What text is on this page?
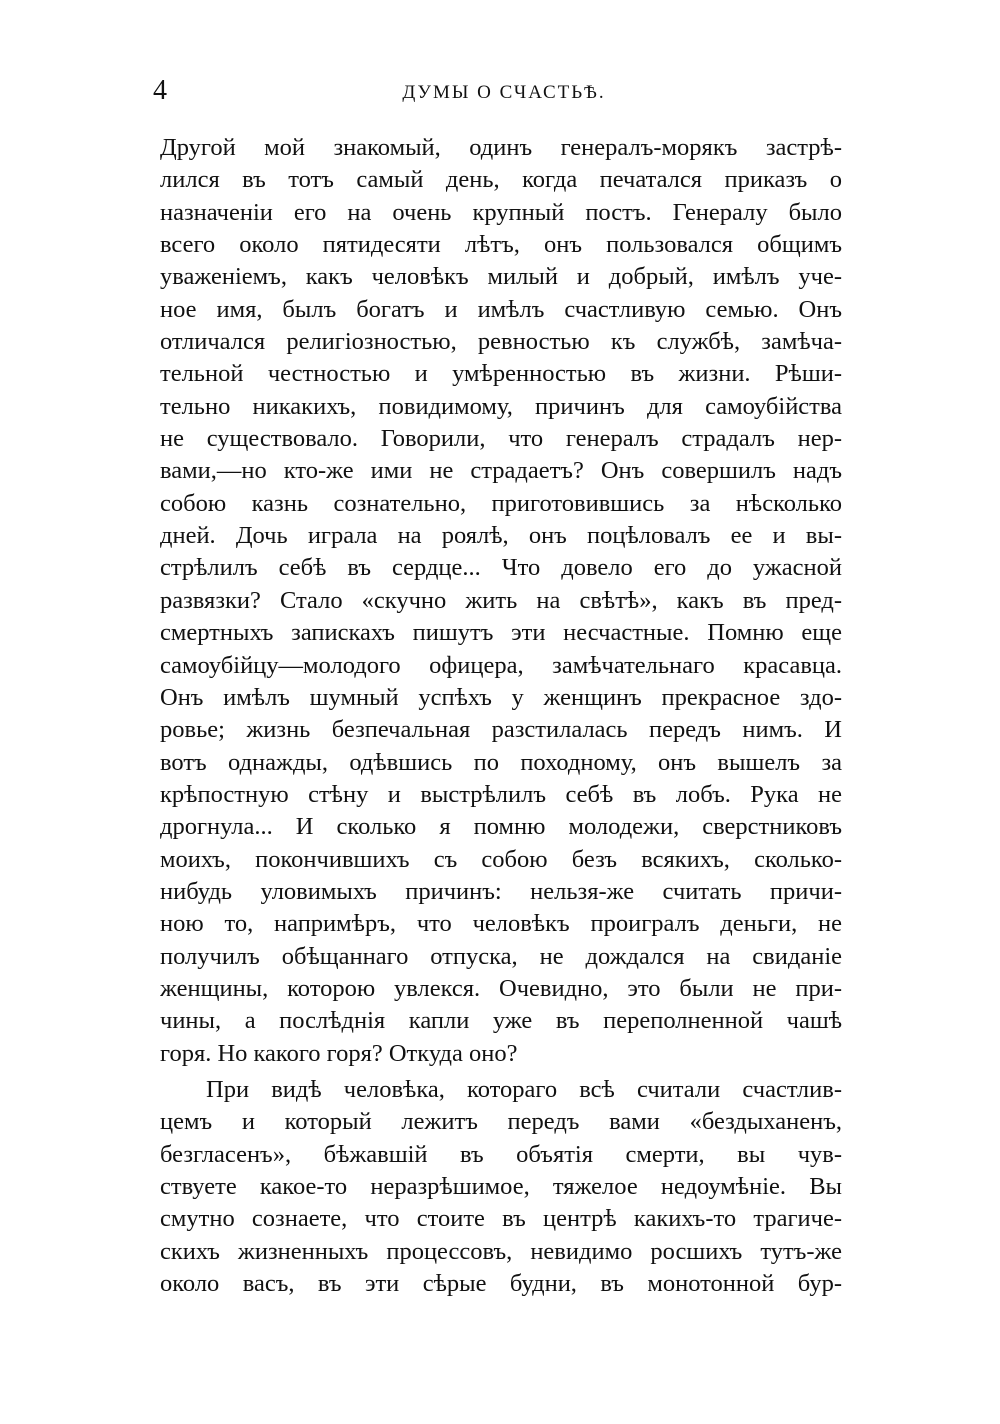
4	ДУМЫ О СЧАСТЬѢ.
Другой мой знакомый, одинъ генералъ-морякъ застрѣ-
лился въ тотъ самый день, когда печатался приказъ о
назначенiи его на очень крупный постъ. Генералу было
всего около пятидесяти лѣтъ, онъ пользовался общимъ
уваженiемъ, какъ человѣкъ милый и добрый, имѣлъ уче-
ное имя, былъ богатъ и имѣлъ счастливую семью. Онъ
отличался религiозностью, ревностью къ службѣ, замѣча-
тельной честностью и умѣренностью въ жизни. Рѣши-
тельно никакихъ, повидимому, причинъ для самоубiйства
не существовало. Говорили, что генералъ страдалъ нер-
вами,—но кто-же ими не страдаетъ? Онъ совершилъ надъ
собою казнь сознательно, приготовившись за нѣсколько
дней. Дочь играла на роялѣ, онъ поцѣловалъ ее и вы-
стрѣлилъ себѣ въ сердце... Что довело его до ужасной
развязки? Стало «скучно жить на свѣтѣ», какъ въ пред-
смертныхъ запискахъ пишутъ эти несчастные. Помню еще
самоубiйцу—молодого офицера, замѣчательнаго красавца.
Онъ имѣлъ шумный успѣхъ у женщинъ прекрасное здо-
ровье; жизнь безпечальная разстилалась передъ нимъ. И
вотъ однажды, одѣвшись по походному, онъ вышелъ за
крѣпостную стѣну и выстрѣлилъ себѣ въ лобъ. Рука не
дрогнула... И сколько я помню молодежи, сверстниковъ
моихъ, покончившихъ съ собою безъ всякихъ, сколько-
нибудь уловимыхъ причинъ: нельзя-же считать причи-
ною то, напримѣръ, что человѣкъ проигралъ деньги, не
получилъ обѣщаннаго отпуска, не дождался на свиданiе
женщины, которою увлекся. Очевидно, это были не при-
чины, а послѣднiя капли уже въ переполненной чашѣ
горя. Но какого горя? Откуда оно?
При видѣ человѣка, котораго всѣ считали счастлив-
цемъ и который лежитъ передъ вами «бездыханенъ,
безгласенъ», бѣжавшiй въ объятiя смерти, вы чув-
ствуете какое-то неразрѣшимое, тяжелое недоумѣнiе. Вы
смутно сознаете, что стоите въ центрѣ какихъ-то трагиче-
скихъ жизненныхъ процессовъ, невидимо росшихъ тутъ-же
около васъ, въ эти сѣрые будни, въ монотонной бур-
